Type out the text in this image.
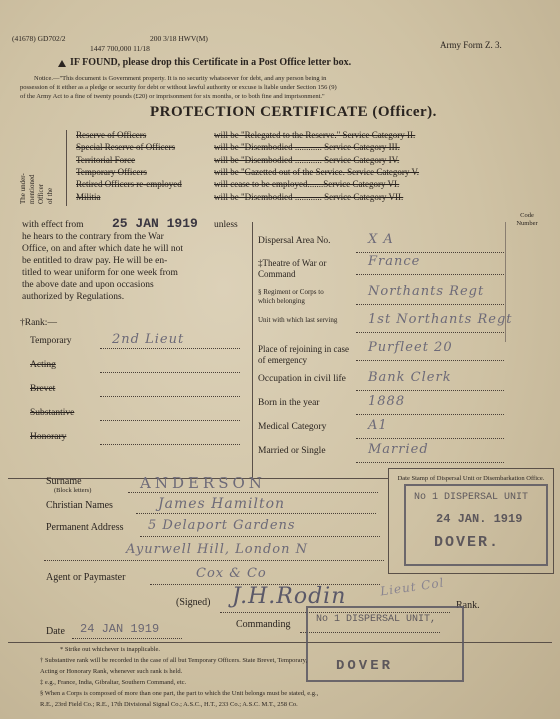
(41678) GD702/2
1447 700,000 11/18
200 3/18 HWV(M)
Army Form Z. 3.
IF FOUND, please drop this Certificate in a Post Office letter box.
Notice.—"This document is Government property. It is no security whatsoever for debt, and any person being in
possession of it either as a pledge or security for debt or without lawful authority or excuse is liable under Section 156 (9)
of the Army Act to a fine of twenty pounds (£20) or imprisonment for six months, or to both fine and imprisonment."
PROTECTION CERTIFICATE (Officer).
The under- mentioned Officer of the
Reserve of Officers	will be "Relegated to the Reserve." Service Category II.
Special Reserve of Officers	will be "Disembodied ............ Service Category III.
Territorial Force	will be "Disembodied ............ Service Category IV.
Temporary Officers	will be "Gazetted out of the Service. Service Category V.
Retired Officers re-employed	will cease to be employed.......Service Category VI.
Militia	will be "Disembodied ............ Service Category VII.
with effect from 25 JAN 1919 unless
he hears to the contrary from the War
Office, on and after which date he will not
be entitled to draw pay. He will be en-
titled to wear uniform for one week from
the above date and upon occasions
authorized by Regulations.
Code Number
†Rank:—
Temporary	2nd Lieut
Acting
Brevet
Substantive
Honorary
Dispersal Area No.	X A
‡Theatre of War or Command
France
§ Regiment or Corps to which belonging
Northants Regt
Unit with which last serving 1st Northants Regt
Place of rejoining in case of emergency
Purfleet 20
Occupation in civil life Bank Clerk
Born in the year	1888
Medical Category	A1
Married or Single	Married
Surname
(Block letters)	ANDERSON
Christian Names	James Hamilton
Permanent Address 5 Delaport Gardens
Ayurwell Hill, London N
Agent or Paymaster	Cox & Co
(Signed) J.H.Rodin	Lieut Col
Rank.
Commanding
Date 24 JAN 1919
Date Stamp of Dispersal Unit or Disembarkation Office.
No 1 DISPERSAL UNIT
24 JAN. 1919
DOVER.
No 1 DISPERSAL UNIT,
DOVER
* Strike out whichever is inapplicable.
† Substantive rank will be recorded in the case of all but Temporary Officers. State Brevet, Temporary,
Acting or Honorary Rank, whenever such rank is held.
‡ e.g., France, India, Gibraltar, Southern Command, etc.
§ When a Corps is composed of more than one part, the part to which the Unit belongs must be stated, e.g.,
R.E., 23rd Field Co.; R.E., 17th Divisional Signal Co.; A.S.C., H.T., 233 Co.; A.S.C. M.T., 258 Co.
